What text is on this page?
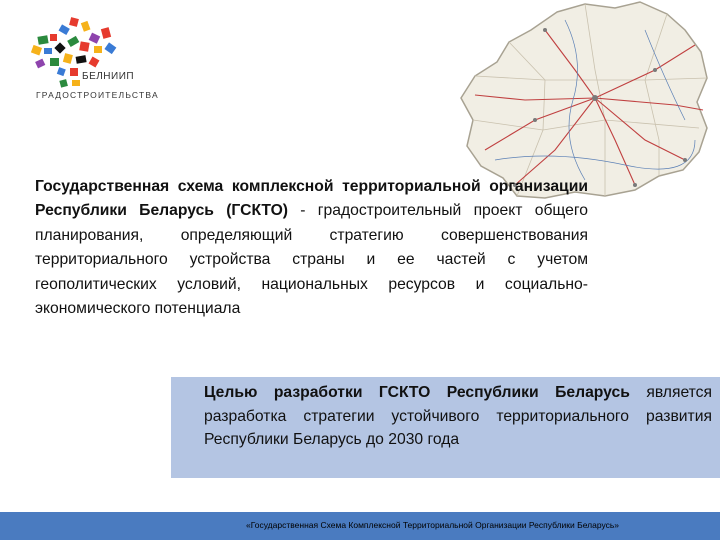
БЕЛНИИП
ГРАДОСТРОИТЕЛЬСТВА
Государственная схема комплексной территориальной организации Республики Беларусь (ГСКТО) - градостроительный проект общего планирования, определяющий стратегию совершенствования территориального устройства страны и ее частей с учетом геополитических условий, национальных ресурсов и социально-экономического потенциала
Целью разработки ГСКТО Республики Беларусь является разработка стратегии устойчивого территориального развития Республики Беларусь до 2030 года
«Государственная Схема Комплексной Территориальной Организации Республики Беларусь»
